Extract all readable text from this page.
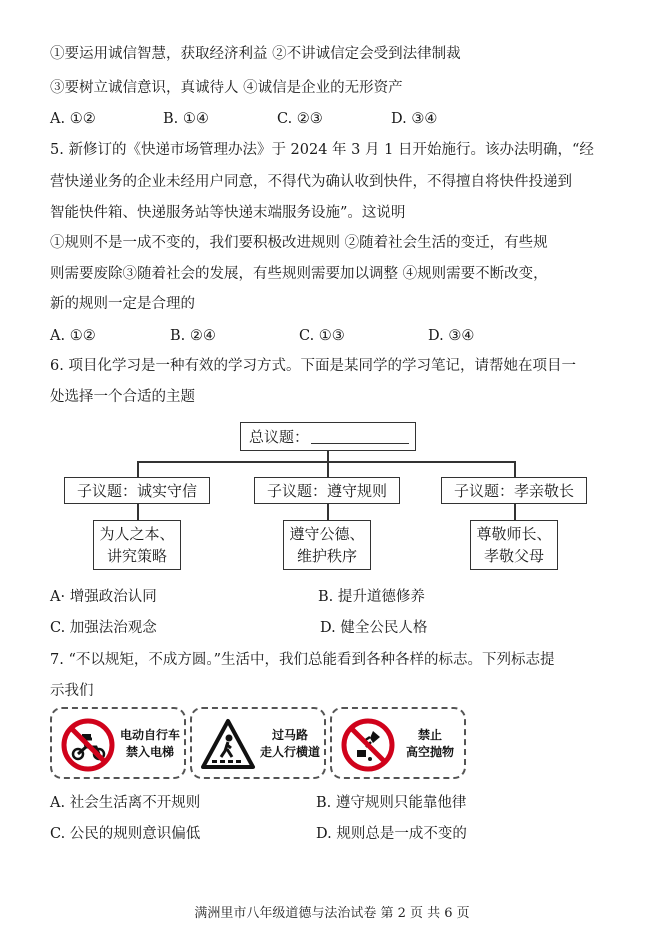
①要运用诚信智慧，获取经济利益 ②不讲诚信定会受到法律制裁
③要树立诚信意识，真诚待人 ④诚信是企业的无形资产
A. ①②	B. ①④	C. ②③	D. ③④
5. 新修订的《快递市场管理办法》于 2024 年 3 月 1 日开始施行。该办法明确，“经
营快递业务的企业未经用户同意，不得代为确认收到快件，不得擅自将快件投递到
智能快件箱、快递服务站等快递末端服务设施”。这说明
①规则不是一成不变的，我们要积极改进规则 ②随着社会生活的变迁，有些规
则需要废除③随着社会的发展，有些规则需要加以调整 ④规则需要不断改变，
新的规则一定是合理的
A. ①②	B. ②④	C. ①③	D. ③④
6. 项目化学习是一种有效的学习方式。下面是某同学的学习笔记，请帮她在项目一
处选择一个合适的主题
总议题：
子议题：诚实守信	子议题：遵守规则	子议题：孝亲敬长
为人之本、
讲究策略
遵守公德、
维护秩序
尊敬师长、
孝敬父母
A· 增强政治认同	B. 提升道德修养
C. 加强法治观念	D. 健全公民人格
7. “不以规矩，不成方圆。”生活中，我们总能看到各种各样的标志。下列标志提
示我们
电动自行车
禁入电梯
过马路
走人行横道
禁止
高空抛物
A. 社会生活离不开规则	B. 遵守规则只能靠他律
C. 公民的规则意识偏低	D. 规则总是一成不变的
满洲里市八年级道德与法治试卷 第 2 页 共 6 页
